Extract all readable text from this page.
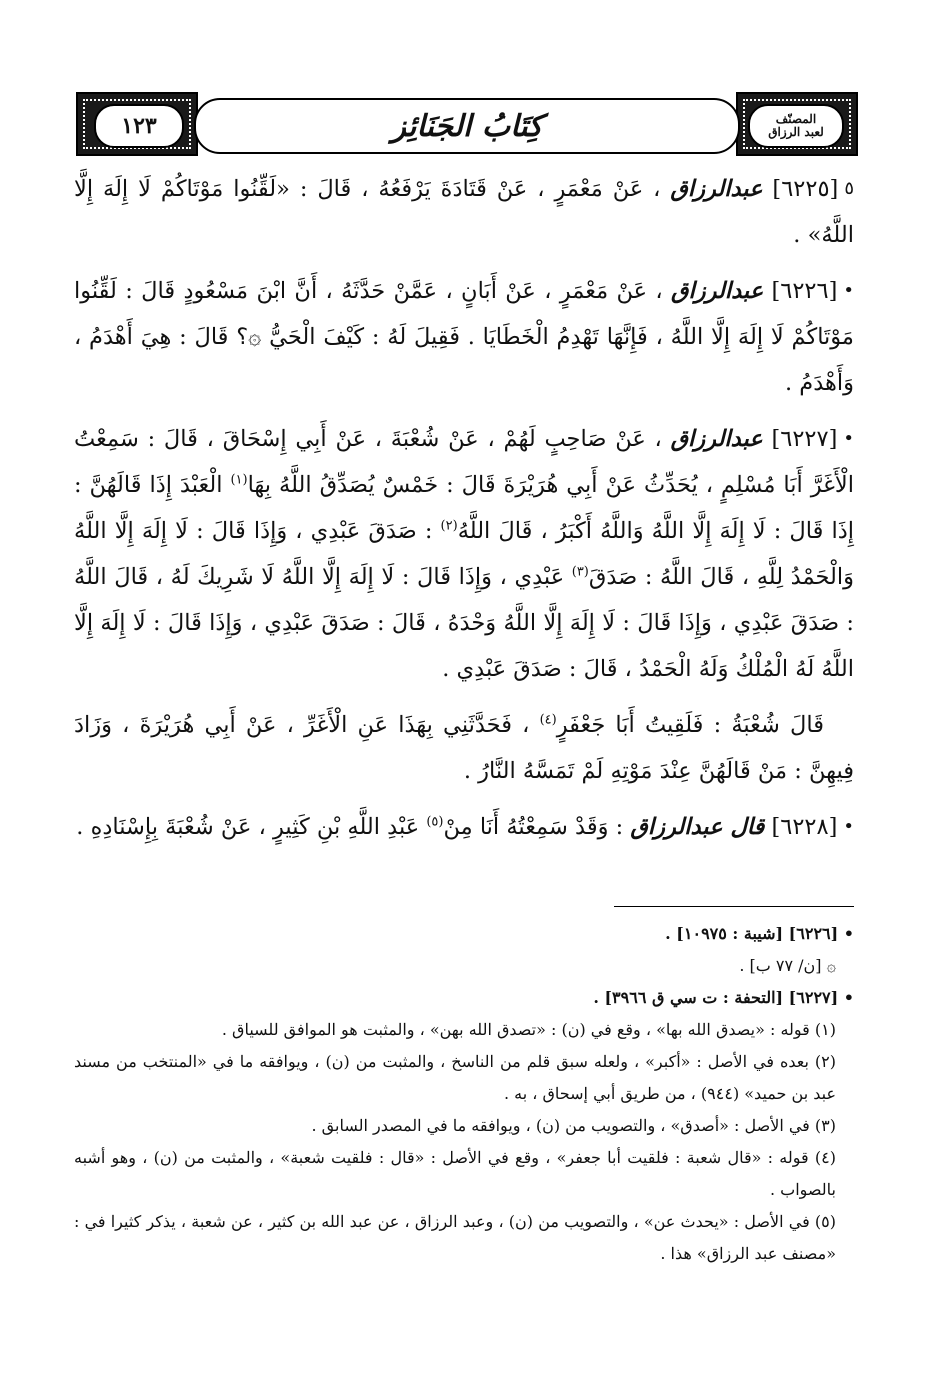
كِتَابُ الجَنَائِز	المصنّف
لعبد الرزاق
١٢٣

٥[٦٢٢٥] عبدالرزاق ، عَنْ مَعْمَرٍ ، عَنْ قَتَادَةَ يَرْفَعُهُ ، قَالَ : «لَقِّنُوا مَوْتَاكُمْ لَا إِلَهَ إِلَّا اللَّهُ» .

•[٦٢٢٦] عبدالرزاق ، عَنْ مَعْمَرٍ ، عَنْ أَبَانٍ ، عَمَّنْ حَدَّثَهُ ، أَنَّ ابْنَ مَسْعُودٍ قَالَ : لَقِّنُوا مَوْتَاكُمْ لَا إِلَهَ إِلَّا اللَّهُ ، فَإِنَّهَا تَهْدِمُ الْخَطَايَا . فَقِيلَ لَهُ : كَيْفَ الْحَيُّ ۞؟ قَالَ : هِيَ أَهْدَمُ ، وَأَهْدَمُ .

•[٦٢٢٧] عبدالرزاق ، عَنْ صَاحِبٍ لَهُمْ ، عَنْ شُعْبَةَ ، عَنْ أَبِي إِسْحَاقَ ، قَالَ : سَمِعْتُ الْأَغَرَّ أَبَا مُسْلِمٍ ، يُحَدِّثُ عَنْ أَبِي هُرَيْرَةَ قَالَ : خَمْسٌ يُصَدِّقُ اللَّهُ بِهَا$^{(١)}$ الْعَبْدَ إِذَا قَالَهُنَّ : إِذَا قَالَ : لَا إِلَهَ إِلَّا اللَّهُ وَاللَّهُ أَكْبَرُ ، قَالَ اللَّهُ$^{(٢)}$ : صَدَقَ عَبْدِي ، وَإِذَا قَالَ : لَا إِلَهَ إِلَّا اللَّهُ وَالْحَمْدُ لِلَّهِ ، قَالَ اللَّهُ : صَدَقَ$^{(٣)}$ عَبْدِي ، وَإِذَا قَالَ : لَا إِلَهَ إِلَّا اللَّهُ لَا شَرِيكَ لَهُ ، قَالَ اللَّهُ : صَدَقَ عَبْدِي ، وَإِذَا قَالَ : لَا إِلَهَ إِلَّا اللَّهُ وَحْدَهُ ، قَالَ : صَدَقَ عَبْدِي ، وَإِذَا قَالَ : لَا إِلَهَ إِلَّا اللَّهُ لَهُ الْمُلْكُ وَلَهُ الْحَمْدُ ، قَالَ : صَدَقَ عَبْدِي .

قَالَ شُعْبَةُ : فَلَقِيتُ أَبَا جَعْفَرٍ$^{(٤)}$ ، فَحَدَّثَنِي بِهَذَا عَنِ الْأَغَرِّ ، عَنْ أَبِي هُرَيْرَةَ ، وَزَادَ فِيهِنَّ : مَنْ قَالَهُنَّ عِنْدَ مَوْتِهِ لَمْ تَمَسَّهُ النَّارُ .

•[٦٢٢٨] قال عبدالرزاق : وَقَدْ سَمِعْتُهُ أَنَا مِنْ$^{(٥)}$ عَبْدِ اللَّهِ بْنِ كَثِيرٍ ، عَنْ شُعْبَةَ بِإِسْنَادِهِ .

• [٦٢٢٦] [شيبة : ١٠٩٧٥] .

۞ [ن/ ٧٧ ب] .

• [٦٢٢٧] [التحفة : ت سي ق ٣٩٦٦] .

(١) قوله : «يصدق الله بها» ، وقع في (ن) : «تصدق الله بهن» ، والمثبت هو الموافق للسياق .

(٢) بعده في الأصل : «أكبر» ، ولعله سبق قلم من الناسخ ، والمثبت من (ن) ، ويوافقه ما في «المنتخب من مسند عبد بن حميد» (٩٤٤) ، من طريق أبي إسحاق ، به .

(٣) في الأصل : «أصدق» ، والتصويب من (ن) ، ويوافقه ما في المصدر السابق .

(٤) قوله : «قال شعبة : فلقيت أبا جعفر» ، وقع في الأصل : «قال : فلقيت شعبة» ، والمثبت من (ن) ، وهو أشبه بالصواب .

(٥) في الأصل : «يحدث عن» ، والتصويب من (ن) ، وعبد الرزاق ، عن عبد الله بن كثير ، عن شعبة ، يذكر كثيرا في : «مصنف عبد الرزاق» هذا .
